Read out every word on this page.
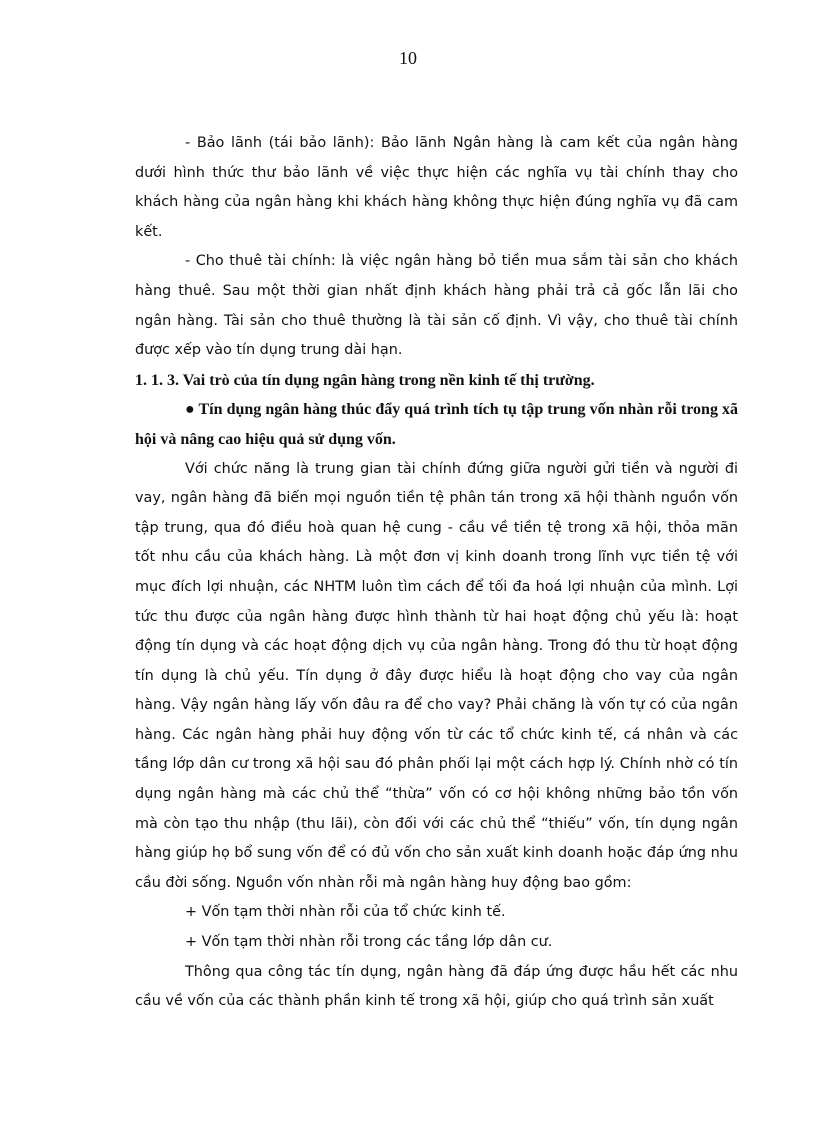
10

- Bảo lãnh (tái bảo lãnh): Bảo lãnh Ngân hàng là cam kết của ngân hàng dưới hình thức thư bảo lãnh về việc thực hiện các nghĩa vụ tài chính thay cho khách hàng của ngân hàng khi khách hàng không thực hiện đúng nghĩa vụ đã cam kết.

- Cho thuê tài chính: là việc ngân hàng bỏ tiền mua sắm tài sản cho khách hàng thuê. Sau một thời gian nhất định khách hàng phải trả cả gốc lẫn lãi cho ngân hàng. Tài sản cho thuê thường là tài sản cố định. Vì vậy, cho thuê tài chính được xếp vào tín dụng trung dài hạn.

1. 1. 3. Vai trò của tín dụng ngân hàng trong nền kinh tế thị trường.

● Tín dụng ngân hàng thúc đẩy quá trình tích tụ tập trung vốn nhàn rỗi trong xã hội và nâng cao hiệu quả sử dụng vốn.

Với chức năng là trung gian tài chính đứng giữa người gửi tiền và người đi vay, ngân hàng đã biến mọi nguồn tiền tệ phân tán trong xã hội thành nguồn vốn tập trung, qua đó điều hoà quan hệ cung - cầu về tiền tệ trong xã hội, thỏa mãn tốt nhu cầu của khách hàng. Là một đơn vị kinh doanh trong lĩnh vực tiền tệ với mục đích lợi nhuận, các NHTM luôn tìm cách để tối đa hoá lợi nhuận của mình. Lợi tức thu được của ngân hàng được hình thành từ hai hoạt động chủ yếu là: hoạt động tín dụng và các hoạt động dịch vụ của ngân hàng. Trong đó thu từ hoạt động tín dụng là chủ yếu. Tín dụng ở đây được hiểu là hoạt động cho vay của ngân hàng. Vậy ngân hàng lấy vốn đâu ra để cho vay? Phải chăng là vốn tự có của ngân hàng. Các ngân hàng phải huy động vốn từ các tổ chức kinh tế, cá nhân và các tầng lớp dân cư trong xã hội sau đó phân phối lại một cách hợp lý. Chính nhờ có tín dụng ngân hàng mà các chủ thể “thừa” vốn có cơ hội không những bảo tồn vốn mà còn tạo thu nhập (thu lãi), còn đối với các chủ thể “thiếu” vốn, tín dụng ngân hàng giúp họ bổ sung vốn để có đủ vốn cho sản xuất kinh doanh hoặc đáp ứng nhu cầu đời sống. Nguồn vốn nhàn rỗi mà ngân hàng huy động bao gồm:

+ Vốn tạm thời nhàn rỗi của tổ chức kinh tế.

+ Vốn tạm thời nhàn rỗi trong các tầng lớp dân cư.

Thông qua công tác tín dụng, ngân hàng đã đáp ứng được hầu hết các nhu cầu về vốn của các thành phần kinh tế trong xã hội, giúp cho quá trình sản xuất
